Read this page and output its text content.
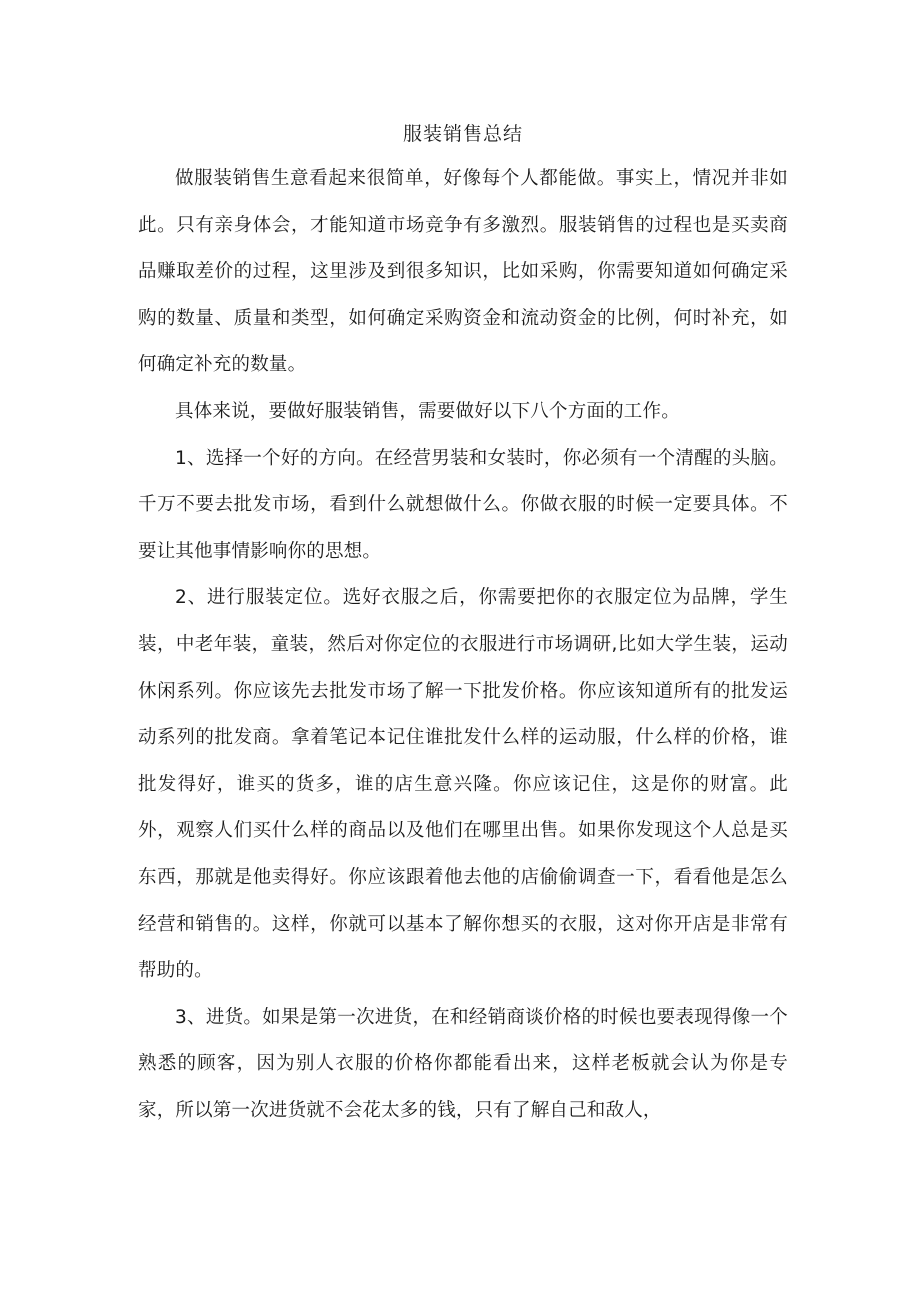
服装销售总结

做服装销售生意看起来很简单，好像每个人都能做。事实上，情况并非如此。只有亲身体会，才能知道市场竞争有多激烈。服装销售的过程也是买卖商品赚取差价的过程，这里涉及到很多知识，比如采购，你需要知道如何确定采购的数量、质量和类型，如何确定采购资金和流动资金的比例，何时补充，如何确定补充的数量。

具体来说，要做好服装销售，需要做好以下八个方面的工作。

1、选择一个好的方向。在经营男装和女装时，你必须有一个清醒的头脑。千万不要去批发市场，看到什么就想做什么。你做衣服的时候一定要具体。不要让其他事情影响你的思想。

2、进行服装定位。选好衣服之后，你需要把你的衣服定位为品牌，学生装，中老年装，童装，然后对你定位的衣服进行市场调研,比如大学生装，运动休闲系列。你应该先去批发市场了解一下批发价格。你应该知道所有的批发运动系列的批发商。拿着笔记本记住谁批发什么样的运动服，什么样的价格，谁批发得好，谁买的货多，谁的店生意兴隆。你应该记住，这是你的财富。此外，观察人们买什么样的商品以及他们在哪里出售。如果你发现这个人总是买东西，那就是他卖得好。你应该跟着他去他的店偷偷调查一下，看看他是怎么经营和销售的。这样，你就可以基本了解你想买的衣服，这对你开店是非常有帮助的。

3、进货。如果是第一次进货，在和经销商谈价格的时候也要表现得像一个熟悉的顾客，因为别人衣服的价格你都能看出来，这样老板就会认为你是专家，所以第一次进货就不会花太多的钱，只有了解自己和敌人，
